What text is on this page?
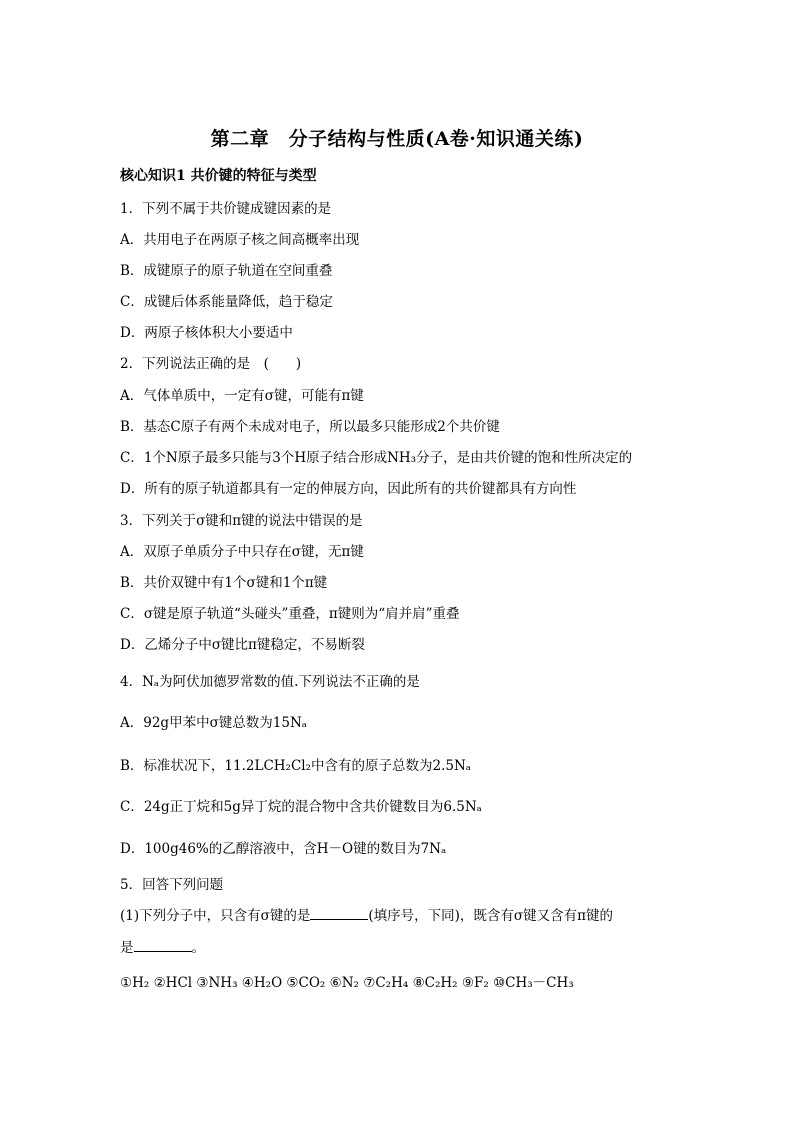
第二章　分子结构与性质(A卷·知识通关练)
核心知识1 共价键的特征与类型
1．下列不属于共价键成键因素的是
A．共用电子在两原子核之间高概率出现
B．成键原子的原子轨道在空间重叠
C．成键后体系能量降低，趋于稳定
D．两原子核体积大小要适中
2．下列说法正确的是　(　　)
A．气体单质中，一定有σ键，可能有π键
B．基态C原子有两个未成对电子，所以最多只能形成2个共价键
C．1个N原子最多只能与3个H原子结合形成NH₃分子，是由共价键的饱和性所决定的
D．所有的原子轨道都具有一定的伸展方向，因此所有的共价键都具有方向性
3．下列关于σ键和π键的说法中错误的是
A．双原子单质分子中只存在σ键，无π键
B．共价双键中有1个σ键和1个π键
C．σ键是原子轨道“头碰头”重叠，π键则为“肩并肩”重叠
D．乙烯分子中σ键比π键稳定，不易断裂
4．Nₐ为阿伏加德罗常数的值.下列说法不正确的是
A．92g甲苯中σ键总数为15Nₐ
B．标准状况下，11.2LCH₂Cl₂中含有的原子总数为2.5Nₐ
C．24g正丁烷和5g异丁烷的混合物中含共价键数目为6.5Nₐ
D．100g46%的乙醇溶液中，含H－O键的数目为7Nₐ
5．回答下列问题
(1)下列分子中，只含有σ键的是	(填序号，下同)，既含有σ键又含有π键的
是	。
①H₂ ②HCl ③NH₃ ④H₂O ⑤CO₂ ⑥N₂ ⑦C₂H₄ ⑧C₂H₂ ⑨F₂ ⑩CH₃－CH₃
